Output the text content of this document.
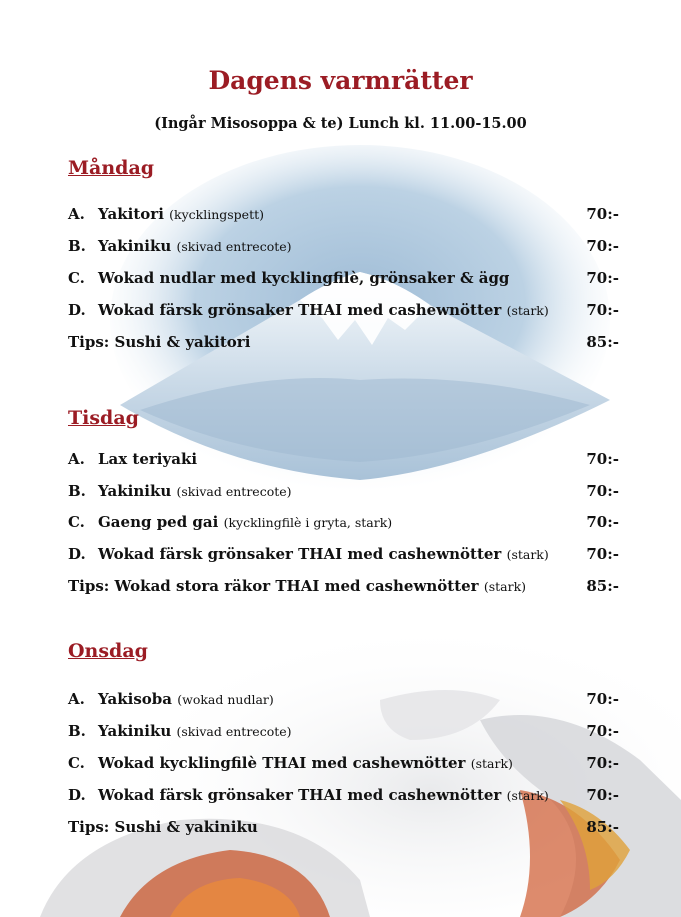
Dagens varmrätter
(Ingår Misosoppa & te) Lunch kl. 11.00-15.00
Måndag
A. Yakitori (kycklingspett)	70:-
B. Yakiniku (skivad entrecote)	70:-
C. Wokad nudlar med kycklingfilè, grönsaker & ägg	70:-
D. Wokad färsk grönsaker THAI med cashewnötter (stark)	70:-
Tips: Sushi & yakitori	85:-
Tisdag
A. Lax teriyaki	70:-
B. Yakiniku (skivad entrecote)	70:-
C. Gaeng ped gai (kycklingfilè i gryta, stark)	70:-
D. Wokad färsk grönsaker THAI med cashewnötter (stark)	70:-
Tips: Wokad stora räkor THAI med cashewnötter (stark)	85:-
Onsdag
A. Yakisoba (wokad nudlar)	70:-
B. Yakiniku (skivad entrecote)	70:-
C. Wokad kycklingfilè THAI med cashewnötter (stark)	70:-
D. Wokad färsk grönsaker THAI med cashewnötter (stark)	70:-
Tips: Sushi & yakiniku	85:-
